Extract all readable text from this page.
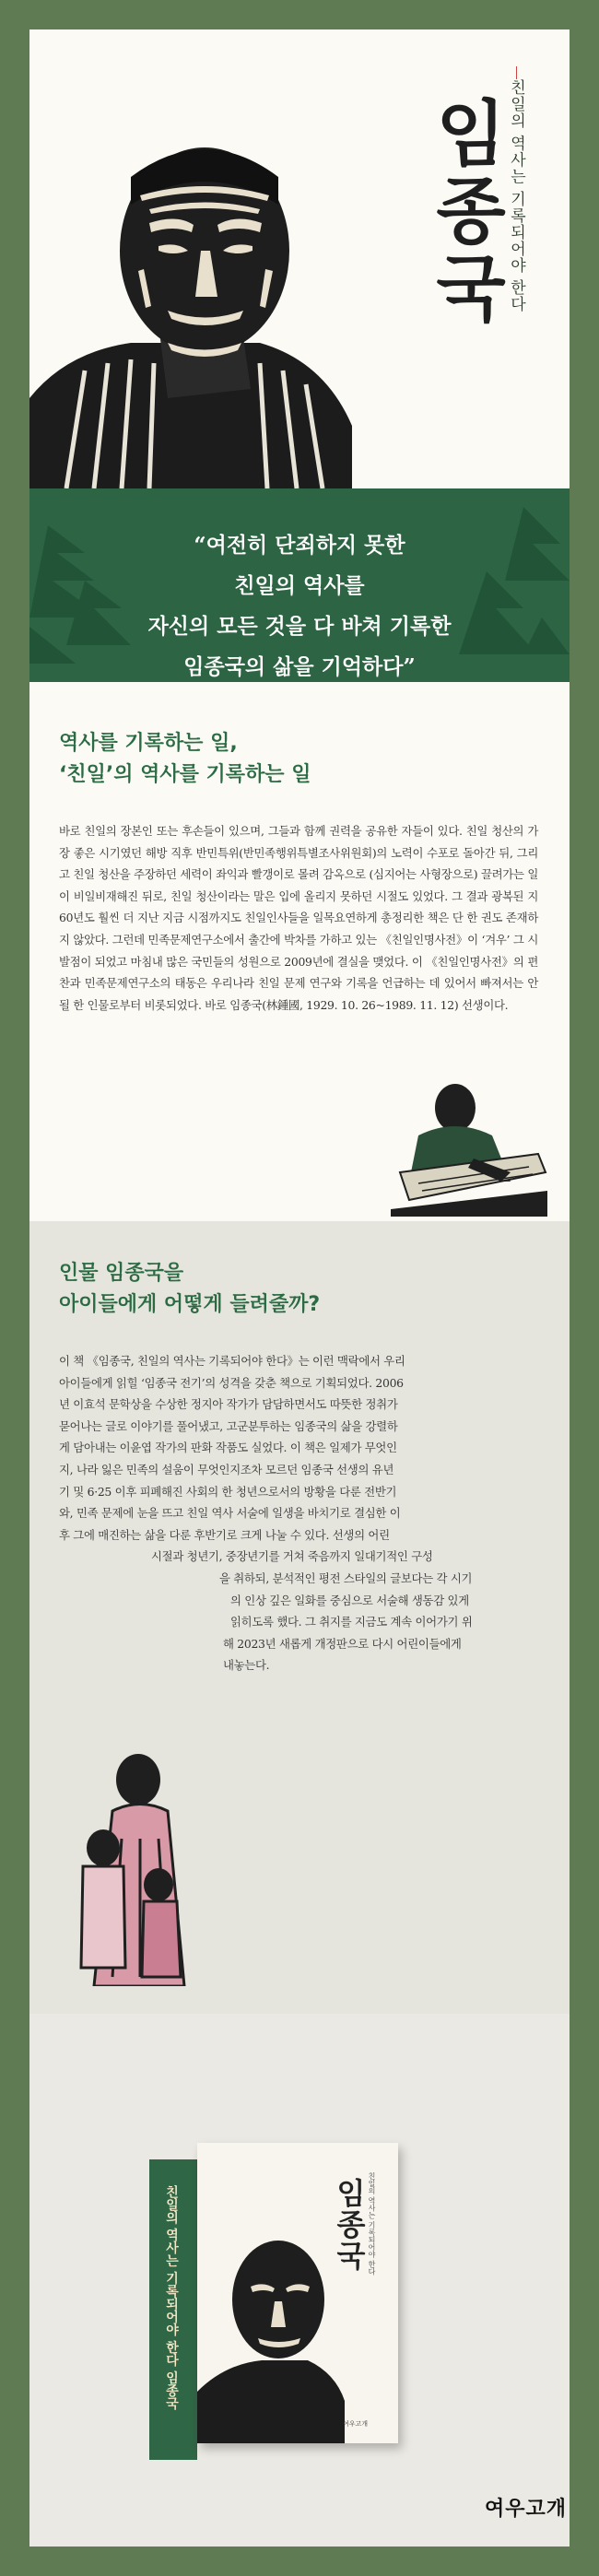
친일의 역사는 기록되어야 한다
임종국
“여전히 단죄하지 못한
친일의 역사를
자신의 모든 것을 다 바쳐 기록한
임종국의 삶을 기억하다”
역사를 기록하는 일,
‘친일’의 역사를 기록하는 일

바로 친일의 장본인 또는 후손들이 있으며, 그들과 함께 권력을 공유한 자들이 있다. 친일 청산의 가장 좋은 시기였던 해방 직후 반민특위(반민족행위특별조사위원회)의 노력이 수포로 돌아간 뒤, 그리고 친일 청산을 주장하던 세력이 좌익과 빨갱이로 몰려 감옥으로 (심지어는 사형장으로) 끌려가는 일이 비일비재해진 뒤로, 친일 청산이라는 말은 입에 올리지 못하던 시절도 있었다. 그 결과 광복된 지 60년도 훨씬 더 지난 지금 시점까지도 친일인사들을 일목요연하게 총정리한 책은 단 한 권도 존재하지 않았다. 그런데 민족문제연구소에서 출간에 박차를 가하고 있는 《친일인명사전》이 ‘겨우’ 그 시발점이 되었고 마침내 많은 국민들의 성원으로 2009년에 결실을 맺었다. 이 《친일인명사전》의 편찬과 민족문제연구소의 태동은 우리나라 친일 문제 연구와 기록을 언급하는 데 있어서 빠져서는 안 될 한 인물로부터 비롯되었다. 바로 임종국(林鍾國, 1929. 10. 26~1989. 11. 12) 선생이다.

인물 임종국을
아이들에게 어떻게 들려줄까?
이 책 《임종국, 친일의 역사는 기록되어야 한다》는 이런 맥락에서 우리
아이들에게 읽힐 ‘임종국 전기’의 성격을 갖춘 책으로 기획되었다. 2006
년 이효석 문학상을 수상한 정지아 작가가 담담하면서도 따뜻한 정취가
묻어나는 글로 이야기를 풀어냈고, 고군분투하는 임종국의 삶을 강렬하
게 담아내는 이윤엽 작가의 판화 작품도 실었다. 이 책은 일제가 무엇인
지, 나라 잃은 민족의 설움이 무엇인지조차 모르던 임종국 선생의 유년
기 및 6·25 이후 피폐해진 사회의 한 청년으로서의 방황을 다룬 전반기
와, 민족 문제에 눈을 뜨고 친일 역사 서술에 일생을 바치기로 결심한 이
후 그에 매진하는 삶을 다룬 후반기로 크게 나눌 수 있다. 선생의 어린
시절과 청년기, 중장년기를 거쳐 죽음까지 일대기적인 구성
을 취하되, 분석적인 평전 스타일의 글보다는 각 시기
의 인상 깊은 일화를 중심으로 서술해 생동감 있게
읽히도록 했다. 그 취지를 지금도 계속 이어가기 위
해 2023년 새롭게 개정판으로 다시 어린이들에게
내놓는다.
친일의 역사는 기록되어야 한다 임종국	친일의 역사는 기록되어야 한다
임종국
여우고개
여우고개
